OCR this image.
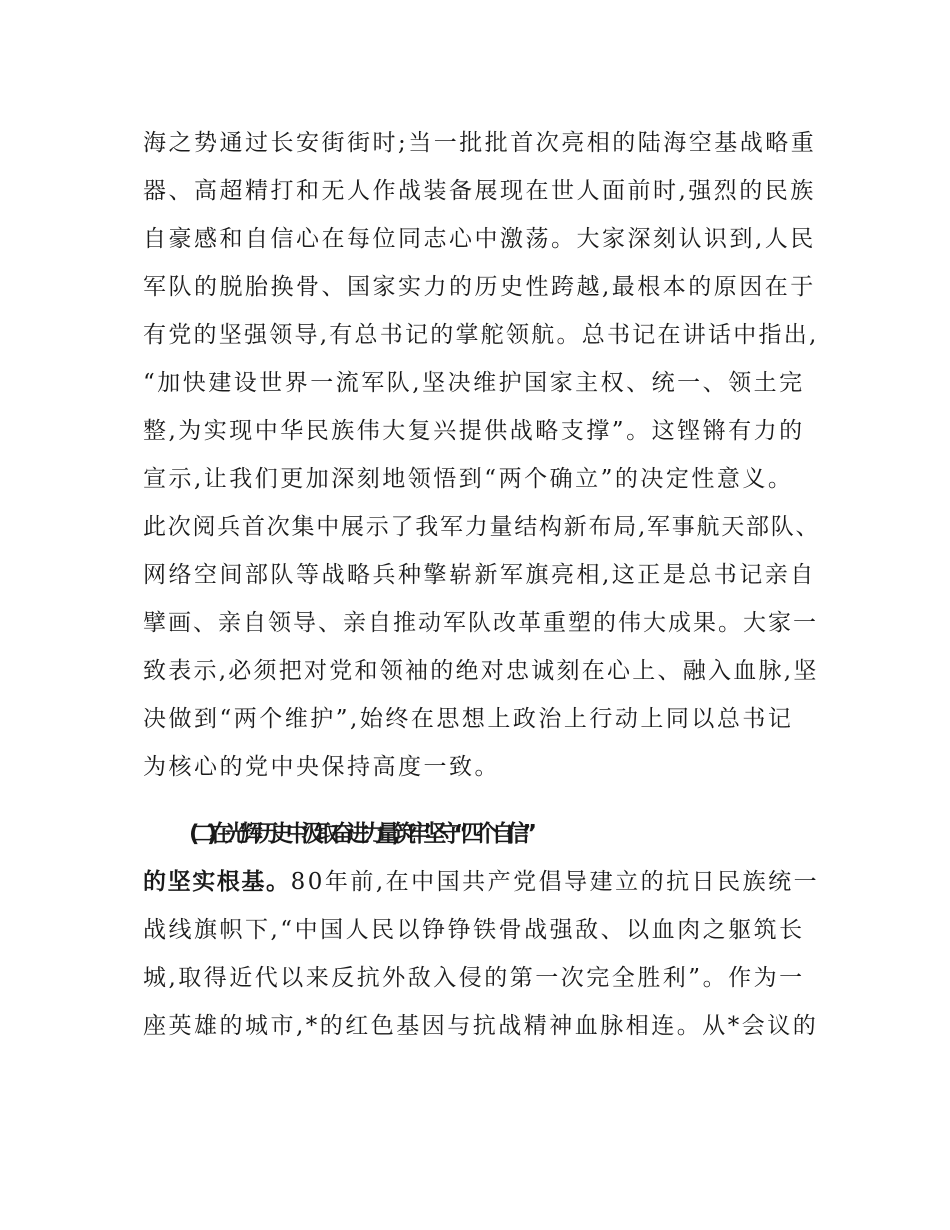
海之势通过长安街街时;当一批批首次亮相的陆海空基战略重
器、高超精打和无人作战装备展现在世人面前时,强烈的民族
自豪感和自信心在每位同志心中激荡。大家深刻认识到,人民
军队的脱胎换骨、国家实力的历史性跨越,最根本的原因在于
有党的坚强领导,有总书记的掌舵领航。总书记在讲话中指出,
“加快建设世界一流军队,坚决维护国家主权、统一、领土完
整,为实现中华民族伟大复兴提供战略支撑”。这铿锵有力的
宣示,让我们更加深刻地领悟到“两个确立”的决定性意义。
此次阅兵首次集中展示了我军力量结构新布局,军事航天部队、
网络空间部队等战略兵种擎崭新军旗亮相,这正是总书记亲自
擘画、亲自领导、亲自推动军队改革重塑的伟大成果。大家一
致表示,必须把对党和领袖的绝对忠诚刻在心上、融入血脉,坚
决做到“两个维护”,始终在思想上政治上行动上同以总书记
为核心的党中央保持高度一致。
(二)在光辉历史中汲取奋进力量,筑牢坚守“四个自信”
的坚实根基。80年前,在中国共产党倡导建立的抗日民族统一
战线旗帜下,“中国人民以铮铮铁骨战强敌、以血肉之躯筑长
城,取得近代以来反抗外敌入侵的第一次完全胜利”。作为一
座英雄的城市,*的红色基因与抗战精神血脉相连。从*会议的
